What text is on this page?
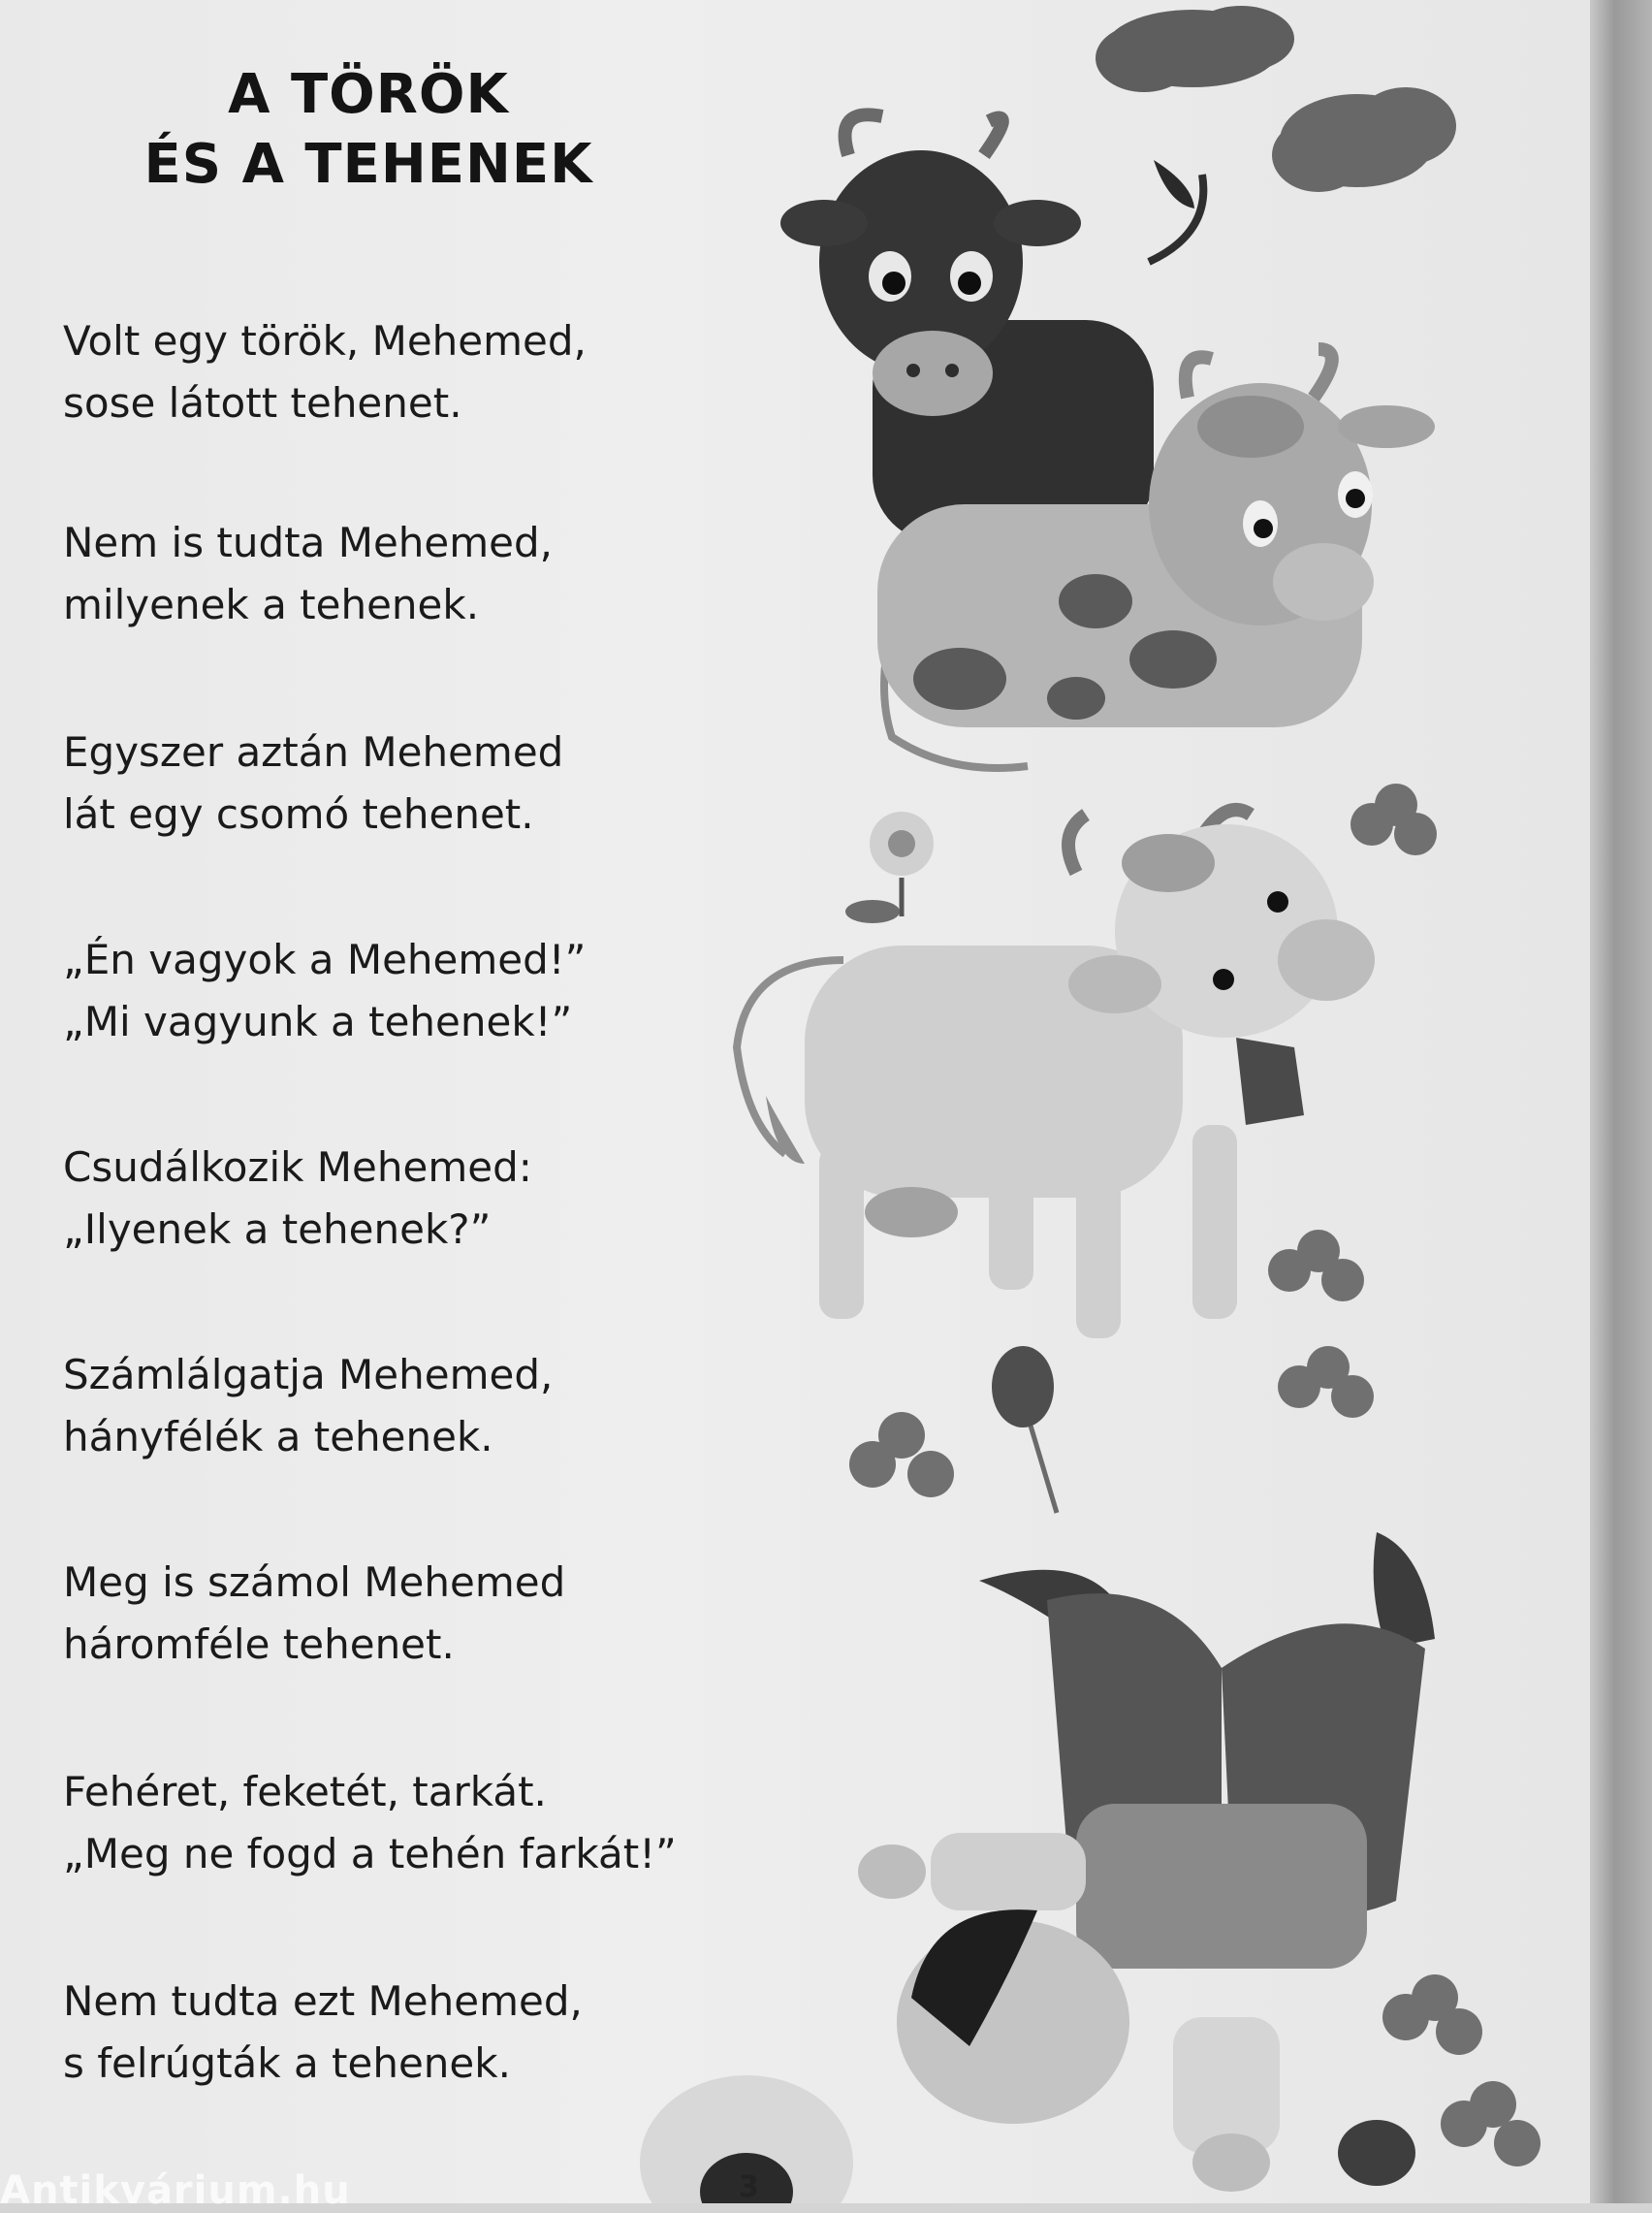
A TÖRÖK
ÉS A TEHENEK
Volt egy török, Mehemed,
sose látott tehenet.
Nem is tudta Mehemed,
milyenek a tehenek.
Egyszer aztán Mehemed
lát egy csomó tehenet.
„Én vagyok a Mehemed!”
„Mi vagyunk a tehenek!”
Csudálkozik Mehemed:
„Ilyenek a tehenek?”
Számlálgatja Mehemed,
hányfélék a tehenek.
Meg is számol Mehemed
háromféle tehenet.
Fehéret, feketét, tarkát.
„Meg ne fogd a tehén farkát!”
Nem tudta ezt Mehemed,
s felrúgták a tehenek.
3
Antikvárium.hu
